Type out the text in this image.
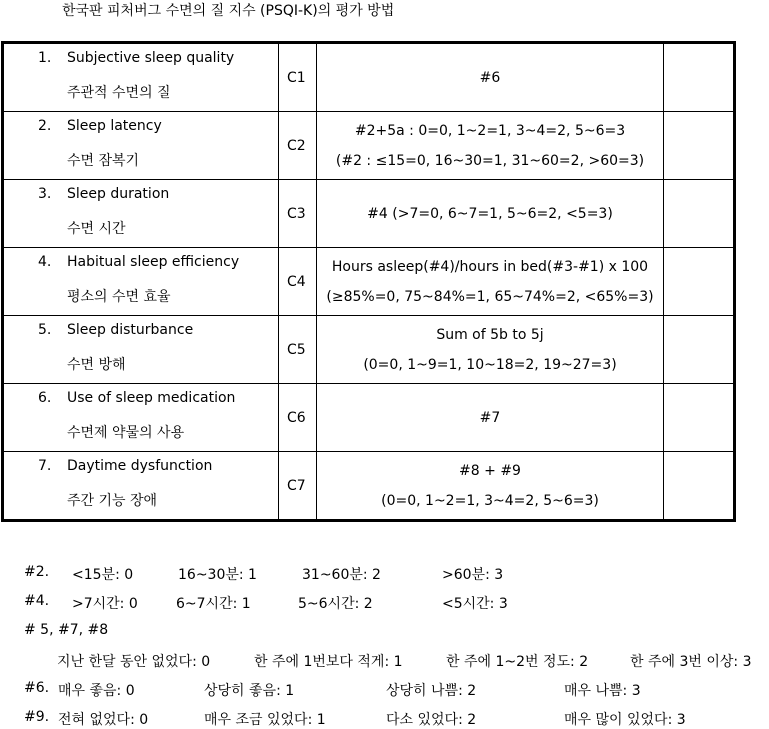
한국판 피처버그 수면의 질 지수 (PSQI-K)의 평가 방법
1. Subjective sleep quality
주관적 수면의 질	C1	#6	

2. Sleep latency
수면 잠복기	C2	#2+5a : 0=0, 1~2=1, 3~4=2, 5~6=3
(#2 : ≤15=0, 16~30=1, 31~60=2, >60=3)	

3. Sleep duration
수면 시간	C3	#4 (>7=0, 6~7=1, 5~6=2, <5=3)	

4. Habitual sleep efficiency
평소의 수면 효율	C4	Hours asleep(#4)/hours in bed(#3-#1) x 100
(≥85%=0, 75~84%=1, 65~74%=2, <65%=3)	

5. Sleep disturbance
수면 방해	C5	Sum of 5b to 5j
(0=0, 1~9=1, 10~18=2, 19~27=3)	

6. Use of sleep medication
수면제 약물의 사용	C6	#7	

7. Daytime dysfunction
주간 기능 장애	C7	#8 + #9
(0=0, 1~2=1, 3~4=2, 5~6=3)	

#2. <15분: 0	16~30분: 1	31~60분: 2	>60분: 3
#4. >7시간: 0	6~7시간: 1	5~6시간: 2	<5시간: 3
# 5, #7, #8
지난 한달 동안 없었다: 0	한 주에 1번보다 적게: 1	한 주에 1~2번 정도: 2	한 주에 3번 이상: 3
#6. 매우 좋음: 0	상당히 좋음: 1	상당히 나쁨: 2	매우 나쁨: 3
#9. 전혀 없었다: 0	매우 조금 있었다: 1	다소 있었다: 2	매우 많이 있었다: 3
